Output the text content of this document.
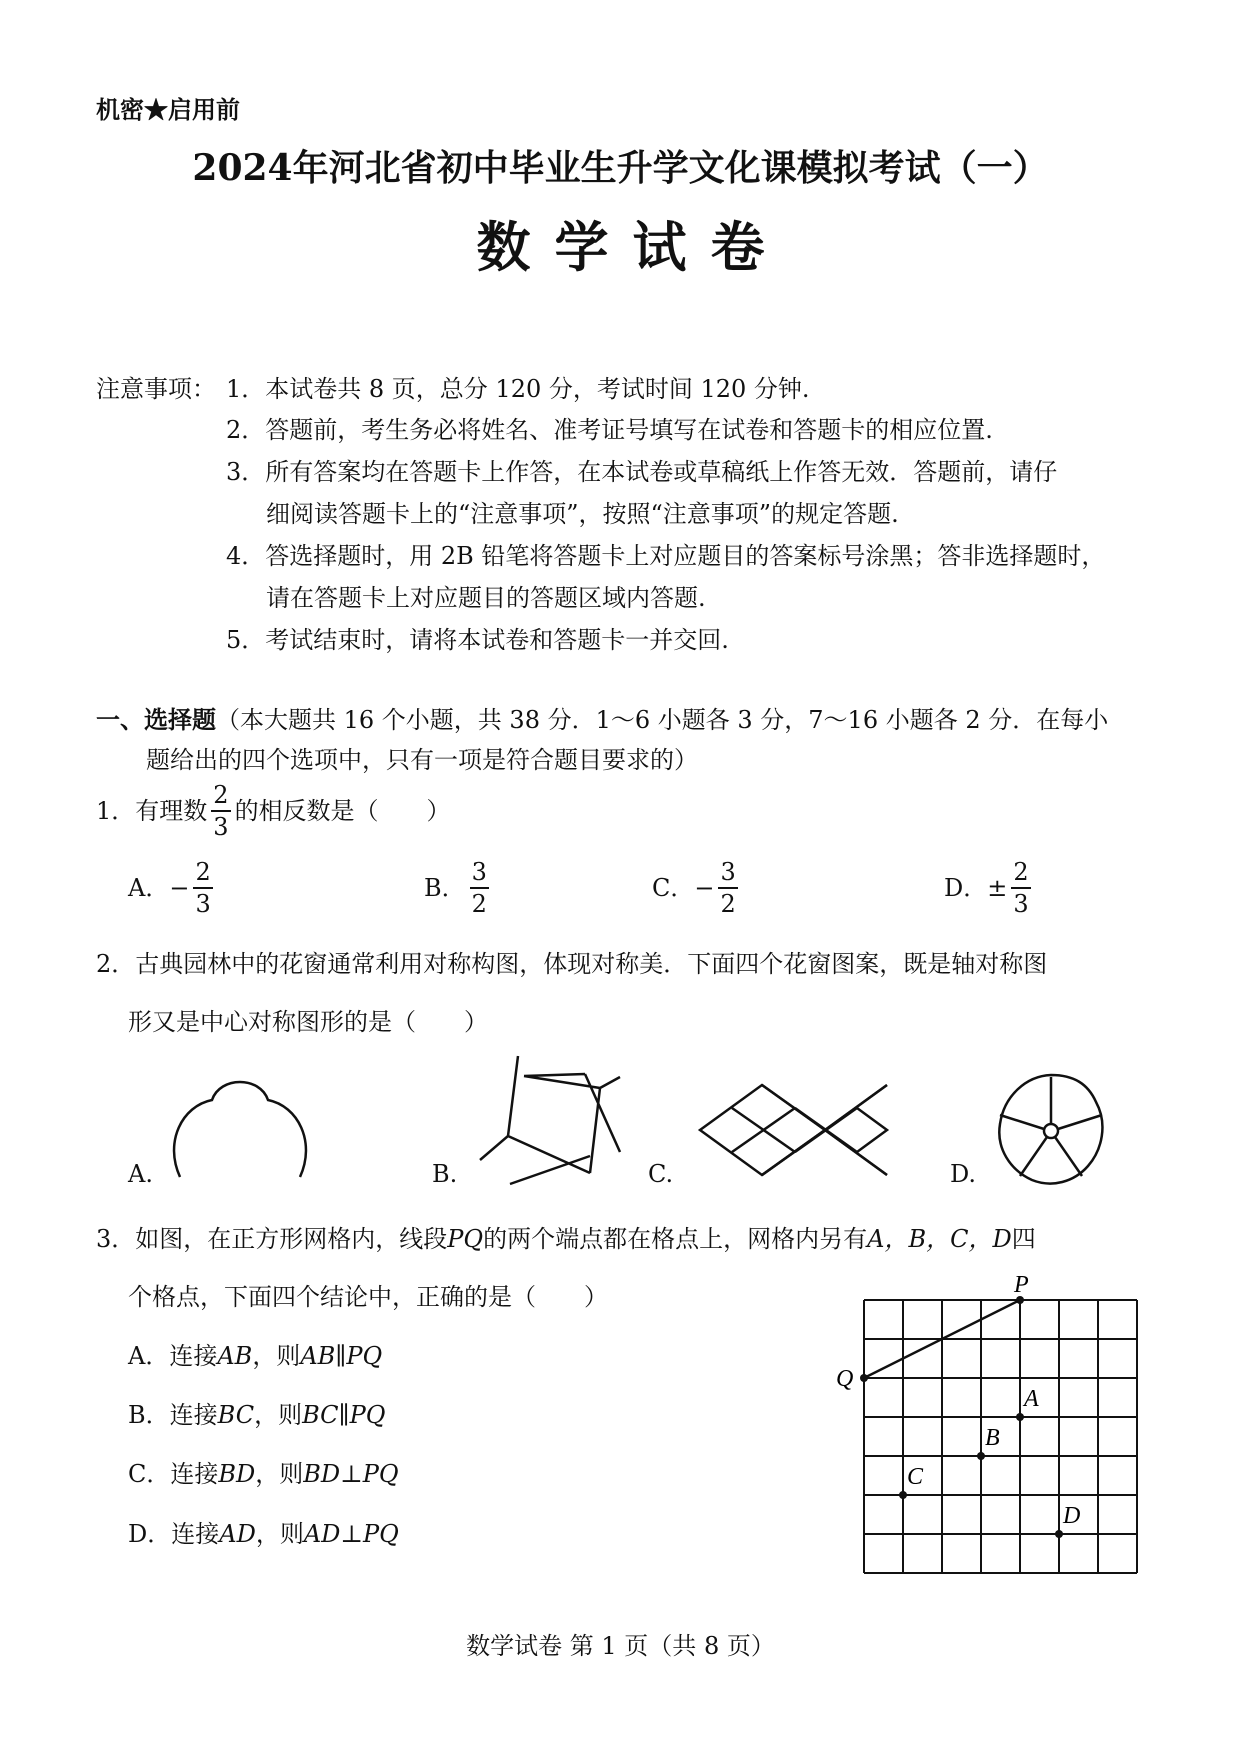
机密★启用前
2024年河北省初中毕业生升学文化课模拟考试（一）
数学试卷
注意事项： 1．本试卷共 8 页，总分 120 分，考试时间 120 分钟.
2．答题前，考生务必将姓名、准考证号填写在试卷和答题卡的相应位置.
3．所有答案均在答题卡上作答，在本试卷或草稿纸上作答无效．答题前，请仔
细阅读答题卡上的“注意事项”，按照“注意事项”的规定答题.
4．答选择题时，用 2B 铅笔将答题卡上对应题目的答案标号涂黑；答非选择题时，
请在答题卡上对应题目的答题区域内答题.
5．考试结束时，请将本试卷和答题卡一并交回.
一、选择题（本大题共 16 个小题，共 38 分．1～6 小题各 3 分，7～16 小题各 2 分．在每小
题给出的四个选项中，只有一项是符合题目要求的）
1．有理数 $\frac{2}{3}$ 的相反数是（　　）
A．− $\frac{2}{3}$	B． $\frac{3}{2}$	C．− $\frac{3}{2}$	D．± $\frac{2}{3}$
2．古典园林中的花窗通常利用对称构图，体现对称美．下面四个花窗图案，既是轴对称图
形又是中心对称图形的是（　　）
A.	B.	C.	D.
3．如图，在正方形网格内，线段PQ的两个端点都在格点上，网格内另有A，B，C，D四
个格点，下面四个结论中，正确的是（　　）
A．连接AB，则AB∥PQ
B．连接BC，则BC∥PQ
C．连接BD，则BD⊥PQ
D．连接AD，则AD⊥PQ
P
Q
A
B
C
D
数学试卷 第 1 页（共 8 页）
